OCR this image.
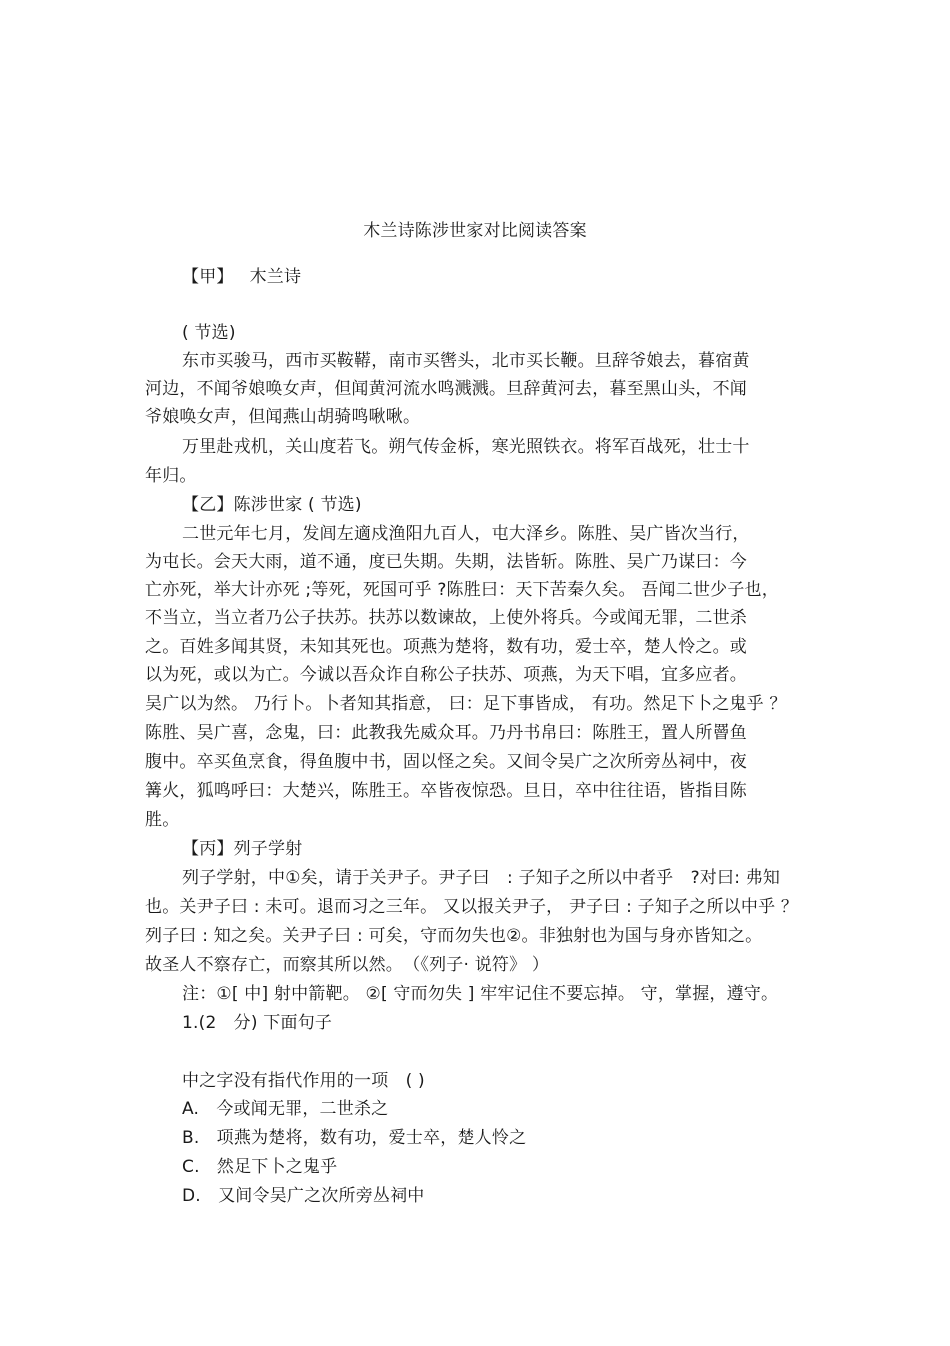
木兰诗陈涉世家对比阅读答案
【甲】 木兰诗
( 节选)
东市买骏马，西市买鞍鞯，南市买辔头，北市买长鞭。旦辞爷娘去，暮宿黄
河边，不闻爷娘唤女声，但闻黄河流水鸣溅溅。旦辞黄河去，暮至黑山头，不闻
爷娘唤女声，但闻燕山胡骑鸣啾啾。
万里赴戎机，关山度若飞。朔气传金柝，寒光照铁衣。将军百战死，壮士十
年归。
【乙】陈涉世家 ( 节选)
二世元年七月，发闾左適戍渔阳九百人，屯大泽乡。陈胜、吴广皆次当行，
为屯长。会天大雨，道不通，度已失期。失期，法皆斩。陈胜、吴广乃谋曰：今
亡亦死，举大计亦死 ;等死，死国可乎 ?陈胜曰：天下苦秦久矣。 吾闻二世少子也，
不当立，当立者乃公子扶苏。扶苏以数谏故，上使外将兵。今或闻无罪，二世杀
之。百姓多闻其贤，未知其死也。项燕为楚将，数有功，爱士卒，楚人怜之。或
以为死，或以为亡。今诚以吾众诈自称公子扶苏、项燕，为天下唱，宜多应者。
吴广以为然。 乃行卜。卜者知其指意， 曰：足下事皆成， 有功。然足下卜之鬼乎 ？
陈胜、吴广喜，念鬼，曰：此教我先威众耳。乃丹书帛曰：陈胜王，置人所罾鱼
腹中。卒买鱼烹食，得鱼腹中书，固以怪之矣。又间令吴广之次所旁丛祠中，夜
篝火，狐鸣呼曰：大楚兴，陈胜王。卒皆夜惊恐。旦日，卒中往往语，皆指目陈
胜。
【丙】列子学射
列子学射，中①矣，请于关尹子。尹子曰　: 子知子之所以中者乎　?对曰: 弗知
也。关尹子曰 : 未可。退而习之三年。 又以报关尹子， 尹子曰 : 子知子之所以中乎 ？
列子曰 : 知之矣。关尹子曰 : 可矣，守而勿失也②。非独射也为国与身亦皆知之。
故圣人不察存亡，而察其所以然。　（《列子· 说符》 ）
注：①[ 中] 射中箭靶。 ②[ 守而勿失 ] 牢牢记住不要忘掉。 守，掌握，遵守。
1.(2　分) 下面句子
中之字没有指代作用的一项　( )
A.  今或闻无罪，二世杀之
B.  项燕为楚将，数有功，爱士卒，楚人怜之
C.  然足下卜之鬼乎
D.  又间令吴广之次所旁丛祠中
